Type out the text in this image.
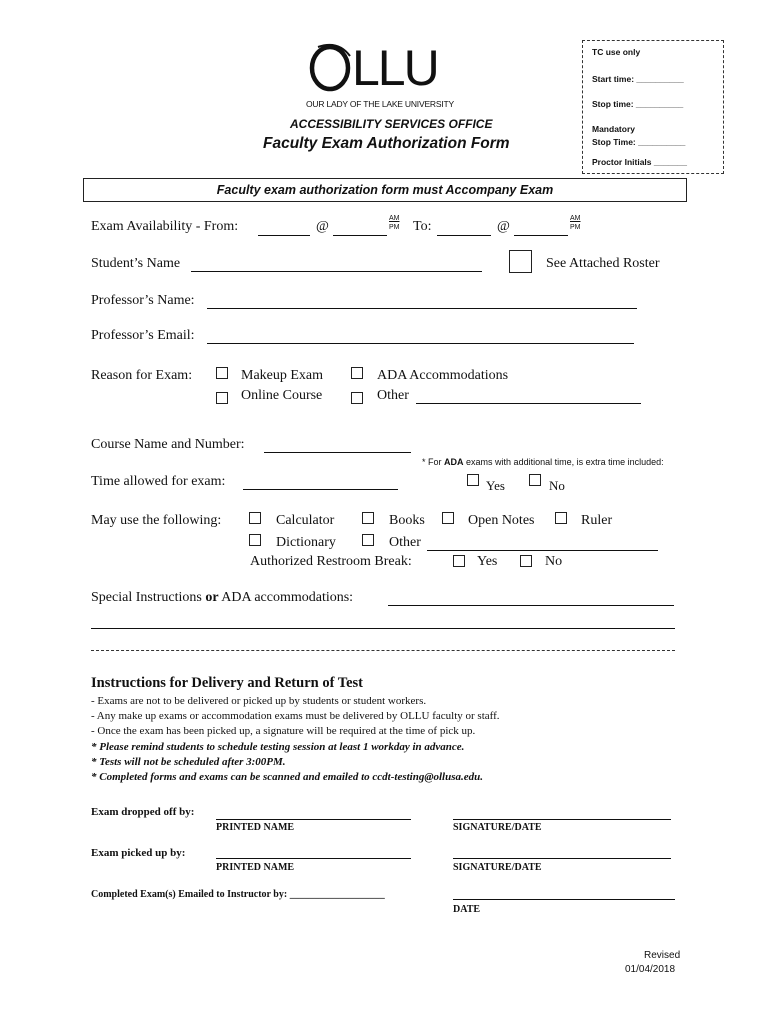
LLU
OUR LADY OF THE LAKE UNIVERSITY
ACCESSIBILITY SERVICES OFFICE
Faculty Exam Authorization Form
TC use only
Start time: __________
Stop time: __________
Mandatory
Stop Time: __________
Proctor Initials _______
Faculty exam authorization form must Accompany Exam
Exam Availability - From:	@
AM
PM To:	@
AM
PM
Student’s Name	See Attached Roster
Professor’s Name:
Professor’s Email:
Reason for Exam:	Makeup Exam	ADA Accommodations
Online Course	Other
Course Name and Number:
* For ADA exams with additional time, is extra time included:
Time allowed for exam:	Yes	No
May use the following:	Calculator	Books	Open Notes	Ruler
Dictionary	Other
Authorized Restroom Break:	Yes	No
Special Instructions or ADA accommodations:
Instructions for Delivery and Return of Test
- Exams are not to be delivered or picked up by students or student workers.
- Any make up exams or accommodation exams must be delivered by OLLU faculty or staff.
- Once the exam has been picked up, a signature will be required at the time of pick up.
* Please remind students to schedule testing session at least 1 workday in advance.
* Tests will not be scheduled after 3:00PM.
* Completed forms and exams can be scanned and emailed to ccdt-testing@ollusa.edu.
Exam dropped off by:
PRINTED NAME	SIGNATURE/DATE
Exam picked up by:
PRINTED NAME	SIGNATURE/DATE
Completed Exam(s) Emailed to Instructor by: ___________________
DATE
Revised
01/04/2018
